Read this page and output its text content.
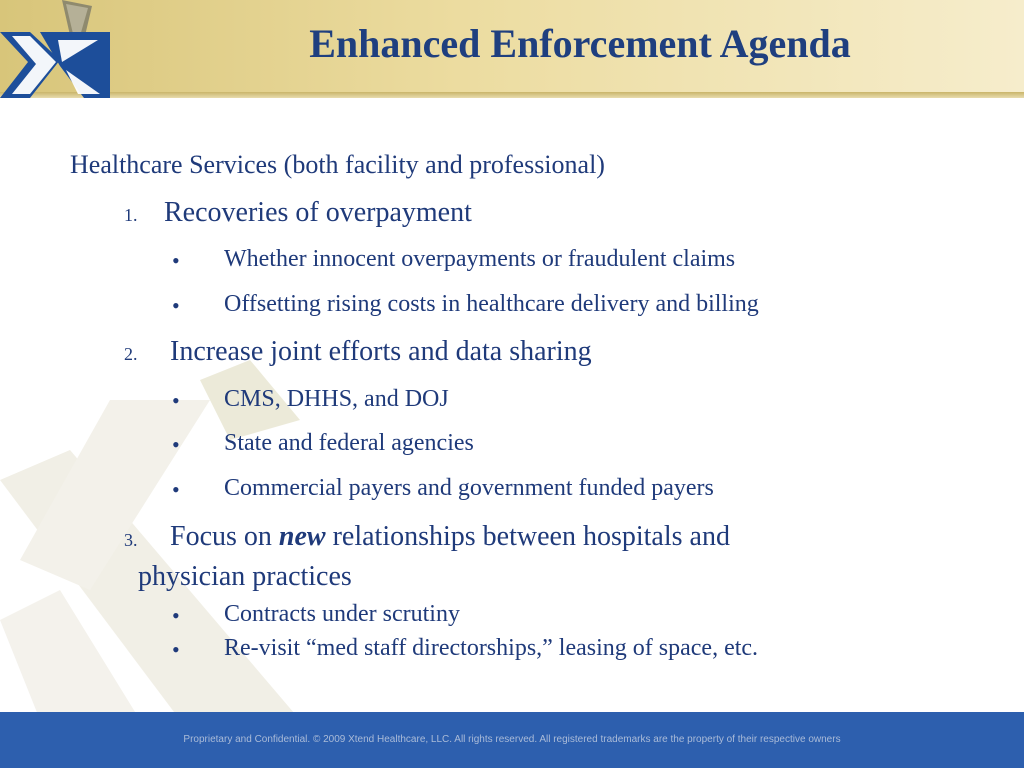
Enhanced Enforcement Agenda
Healthcare Services (both facility and professional)
1. Recoveries of overpayment
• Whether innocent overpayments or fraudulent claims
• Offsetting rising costs in healthcare delivery and billing
2. Increase joint efforts and data sharing
• CMS, DHHS, and DOJ
• State and federal agencies
• Commercial payers and government funded payers
3. Focus on new relationships between hospitals and
physician practices
• Contracts under scrutiny
• Re-visit “med staff directorships,” leasing of space, etc.
Proprietary and Confidential. © 2009 Xtend Healthcare, LLC. All rights reserved. All registered trademarks are the property of their respective owners
